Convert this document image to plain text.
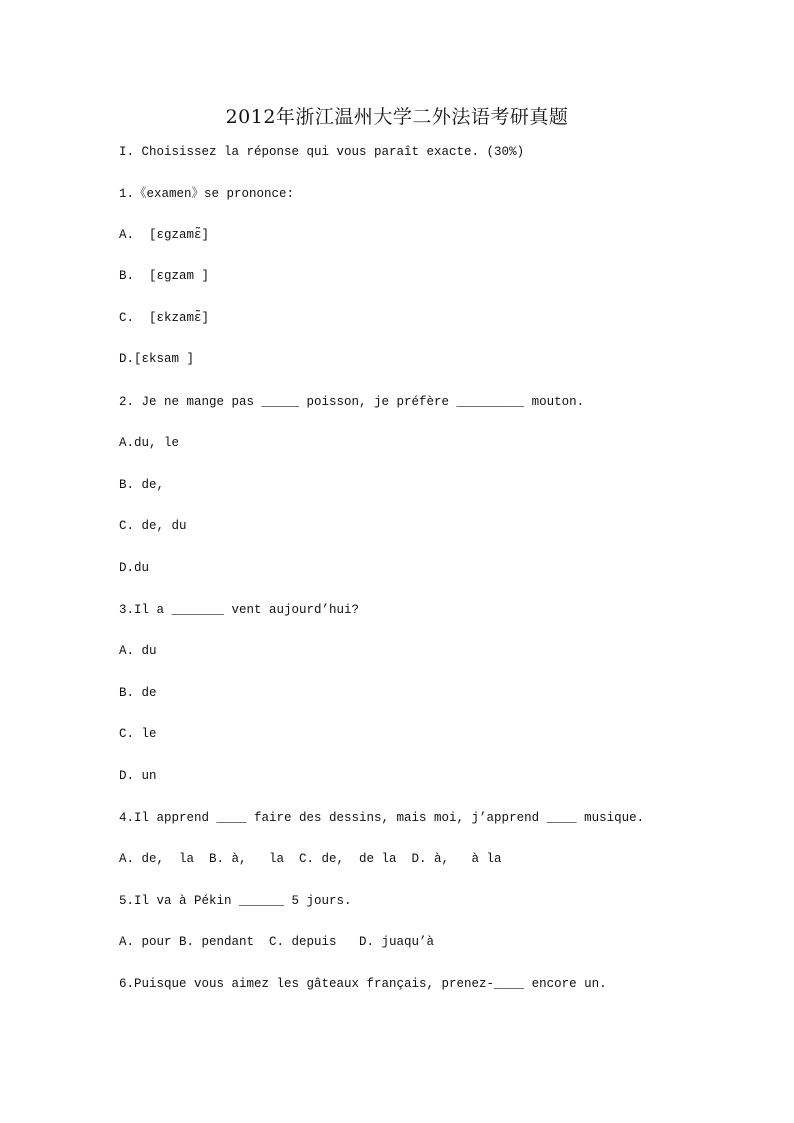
2012年浙江温州大学二外法语考研真题

I. Choisissez la réponse qui vous paraît exacte. (30%)

1.《examen》se prononce:

A.  [ɛgzamɛ̃]

B.  [ɛgzam ]

C.  [ɛkzamɛ̃]

D.[ɛksam ]

2. Je ne mange pas _____ poisson, je préfère _________ mouton.

A.du, le

B. de,

C. de, du

D.du

3.Il a _______ vent aujourd’hui?

A. du

B. de

C. le

D. un

4.Il apprend ____ faire des dessins, mais moi, j’apprend ____ musique.

A. de,  la  B. à,   la  C. de,  de la  D. à,   à la

5.Il va à Pékin ______ 5 jours.

A. pour B. pendant  C. depuis   D. juaqu’à

6.Puisque vous aimez les gâteaux français, prenez-____ encore un.
